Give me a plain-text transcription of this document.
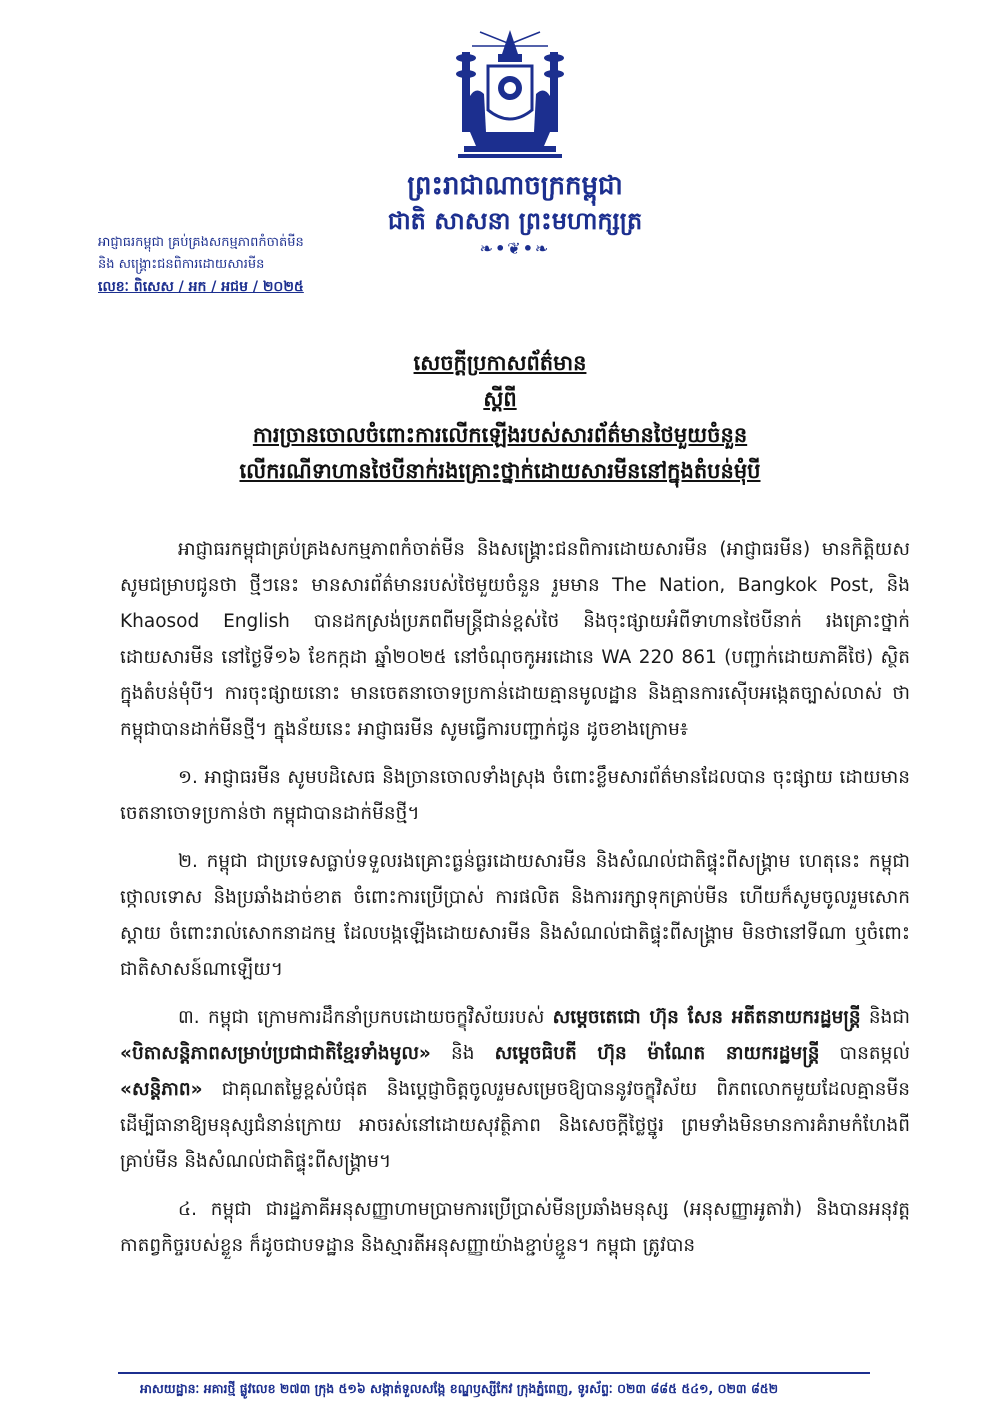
ព្រះរាជាណាចក្រកម្ពុជា
ជាតិ សាសនា ព្រះមហាក្សត្រ
❧•❦•❧
អាជ្ញាធរកម្ពុជា គ្រប់គ្រងសកម្មភាពកំចាត់មីន
និង សង្គ្រោះជនពិការដោយសារមីន
លេខៈ ពិសេស / អក / អជម / ២០២៥
សេចក្តីប្រកាសព័ត៌មាន
ស្តីពី
ការច្រានចោលចំពោះការលើកឡើងរបស់សារព័ត៌មានថៃមួយចំនួន
លើករណីទាហានថៃបីនាក់រងគ្រោះថ្នាក់ដោយសារមីននៅក្នុងតំបន់មុំបី

អាជ្ញាធរកម្ពុជាគ្រប់គ្រងសកម្មភាពកំចាត់មីន និងសង្គ្រោះជនពិការដោយសារមីន (អាជ្ញាធរមីន) មានកិត្តិយសសូមជម្រាបជូនថា ថ្មីៗនេះ មានសារព័ត៌មានរបស់ថៃមួយចំនួន រួមមាន The Nation, Bangkok Post, និង Khaosod English បានដកស្រង់ប្រភពពីមន្ត្រីជាន់ខ្ពស់ថៃ និងចុះផ្សាយអំពីទាហានថៃបីនាក់ រងគ្រោះថ្នាក់ដោយសារមីន នៅថ្ងៃទី១៦ ខែកក្កដា ឆ្នាំ២០២៥ នៅចំណុចកូអរដោនេ WA 220 861 (បញ្ជាក់ដោយភាគីថៃ) ស្ថិតក្នុងតំបន់មុំបី។ ការចុះផ្សាយនោះ មានចេតនាចោទប្រកាន់ដោយគ្មានមូលដ្ឋាន និងគ្មានការស៊ើបអង្កេតច្បាស់លាស់ ថាកម្ពុជាបានដាក់មីនថ្មី។ ក្នុងន័យនេះ អាជ្ញាធរមីន សូមធ្វើការបញ្ជាក់ជូន ដូចខាងក្រោម៖

១. អាជ្ញាធរមីន សូមបដិសេធ និងច្រានចោលទាំងស្រុង ចំពោះខ្លឹមសារព័ត៌មានដែលបាន ចុះផ្សាយ ដោយមានចេតនាចោទប្រកាន់ថា កម្ពុជាបានដាក់មីនថ្មី។

២. កម្ពុជា ជាប្រទេសធ្លាប់ទទួលរងគ្រោះធ្ងន់ធ្ងរដោយសារមីន និងសំណល់ជាតិផ្ទុះពីសង្គ្រាម ហេតុនេះ កម្ពុជាថ្កោលទោស និងប្រឆាំងដាច់ខាត ចំពោះការប្រើប្រាស់ ការផលិត និងការរក្សាទុកគ្រាប់មីន ហើយក៏សូមចូលរួមសោកស្តាយ ចំពោះរាល់សោកនាដកម្ម ដែលបង្កឡើងដោយសារមីន និងសំណល់ជាតិផ្ទុះពីសង្គ្រាម មិនថានៅទីណា ឬចំពោះជាតិសាសន៍ណាឡើយ។

៣. កម្ពុជា ក្រោមការដឹកនាំប្រកបដោយចក្ខុវិស័យរបស់ សម្តេចតេជោ ហ៊ុន សែន អតីតនាយករដ្ឋមន្ត្រី និងជា «បិតាសន្តិភាពសម្រាប់ប្រជាជាតិខ្មែរទាំងមូល» និង សម្តេចធិបតី ហ៊ុន ម៉ាណែត នាយករដ្ឋមន្ត្រី បានតម្កល់ «សន្តិភាព» ជាគុណតម្លៃខ្ពស់បំផុត និងប្តេជ្ញាចិត្តចូលរួមសម្រេចឱ្យបាននូវចក្ខុវិស័យ ពិភពលោកមួយដែលគ្មានមីន ដើម្បីធានាឱ្យមនុស្សជំនាន់ក្រោយ អាចរស់នៅដោយសុវត្ថិភាព និងសេចក្តីថ្លៃថ្នូរ ព្រមទាំងមិនមានការគំរាមកំហែងពីគ្រាប់មីន និងសំណល់ជាតិផ្ទុះពីសង្គ្រាម។

៤. កម្ពុជា ជារដ្ឋភាគីអនុសញ្ញាហាមប្រាមការប្រើប្រាស់មីនប្រឆាំងមនុស្ស (អនុសញ្ញាអូតាវ៉ា) និងបានអនុវត្តកាតព្វកិច្ចរបស់ខ្លួន ក៏ដូចជាបទដ្ឋាន និងស្មារតីអនុសញ្ញាយ៉ាងខ្ជាប់ខ្ជួន។ កម្ពុជា ត្រូវបាន

អាសយដ្ឋានៈ អគារថ្មី ផ្លូវលេខ ២៧៣ ក្រុង ៥១៦ សង្កាត់ទួលសង្កែ ខណ្ឌឫស្សីកែវ ក្រុងភ្នំពេញ, ទូរស័ព្ទៈ ០២៣ ៨៨៥ ៥៤១, ០២៣ ៨៥២
